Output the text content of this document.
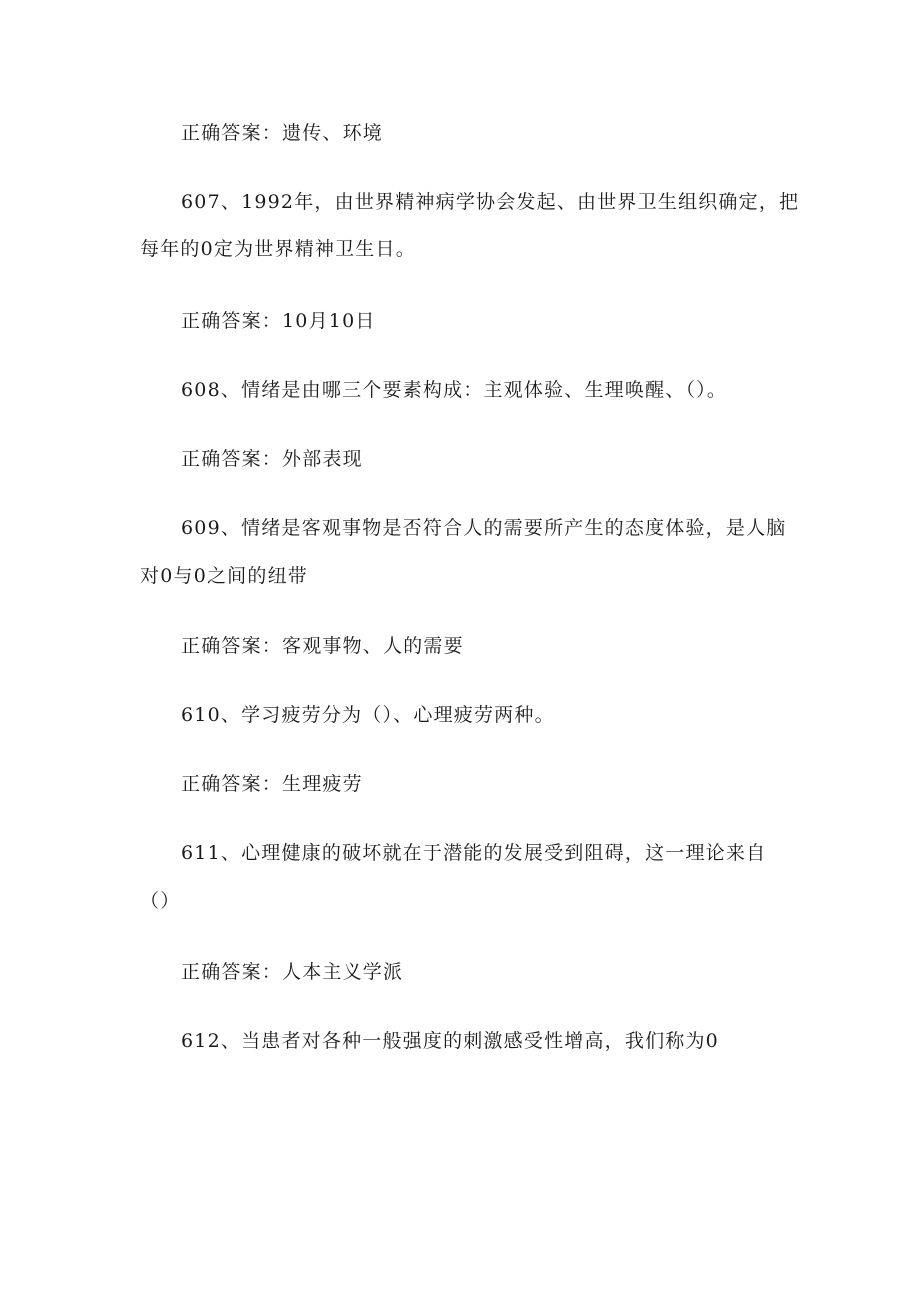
正确答案：遗传、环境
607、1992年，由世界精神病学协会发起、由世界卫生组织确定，把
每年的0定为世界精神卫生日。
正确答案：10月10日
608、情绪是由哪三个要素构成：主观体验、生理唤醒、（）。
正确答案：外部表现
609、情绪是客观事物是否符合人的需要所产生的态度体验，是人脑
对0与0之间的纽带
正确答案：客观事物、人的需要
610、学习疲劳分为（）、心理疲劳两种。
正确答案：生理疲劳
611、心理健康的破坏就在于潜能的发展受到阻碍，这一理论来自
（）
正确答案：人本主义学派
612、当患者对各种一般强度的刺激感受性增高，我们称为0
